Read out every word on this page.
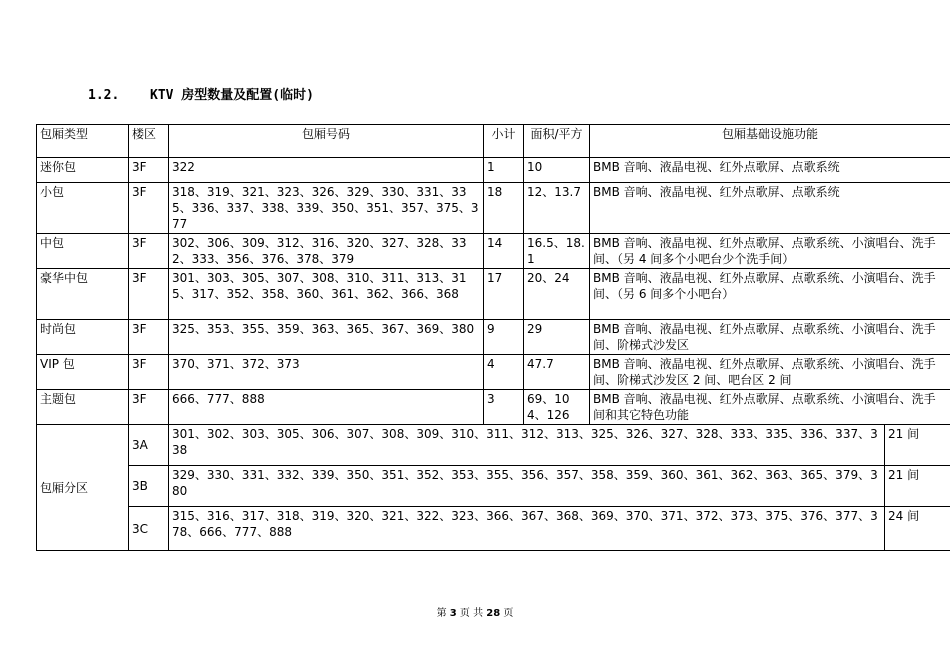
1.2. KTV 房型数量及配置(临时)
包厢类型	楼区	包厢号码	小计	面积/平方	包厢基础设施功能	
迷你包	3F	322	1	10	BMB 音响、液晶电视、红外点歌屏、点歌系统	
小包	3F	318、319、321、323、326、329、330、331、335、336、337、338、339、350、351、357、375、377	18	12、13.7	BMB 音响、液晶电视、红外点歌屏、点歌系统	
中包	3F	302、306、309、312、316、320、327、328、332、333、356、376、378、379	14	16.5、18.1	BMB 音响、液晶电视、红外点歌屏、点歌系统、小演唱台、洗手间、（另 4 间多个小吧台少个洗手间）	
豪华中包	3F	301、303、305、307、308、310、311、313、315、317、352、358、360、361、362、366、368	17	20、24	BMB 音响、液晶电视、红外点歌屏、点歌系统、小演唱台、洗手间、（另 6 间多个小吧台）	
时尚包	3F	325、353、355、359、363、365、367、369、380	9	29	BMB 音响、液晶电视、红外点歌屏、点歌系统、小演唱台、洗手间、阶梯式沙发区	
VIP 包	3F	370、371、372、373	4	47.7	BMB 音响、液晶电视、红外点歌屏、点歌系统、小演唱台、洗手间、阶梯式沙发区 2 间、吧台区 2 间	
主题包	3F	666、777、888	3	69、104、126	BMB 音响、液晶电视、红外点歌屏、点歌系统、小演唱台、洗手间和其它特色功能	
包厢分区	3A	301、302、303、305、306、307、308、309、310、311、312、313、325、326、327、328、333、335、336、337、338				21 间
	3B	329、330、331、332、339、350、351、352、353、355、356、357、358、359、360、361、362、363、365、379、380				21 间
	3C	315、316、317、318、319、320、321、322、323、366、367、368、369、370、371、372、373、375、376、377、378、666、777、888				24 间
第 3 页 共 28 页
